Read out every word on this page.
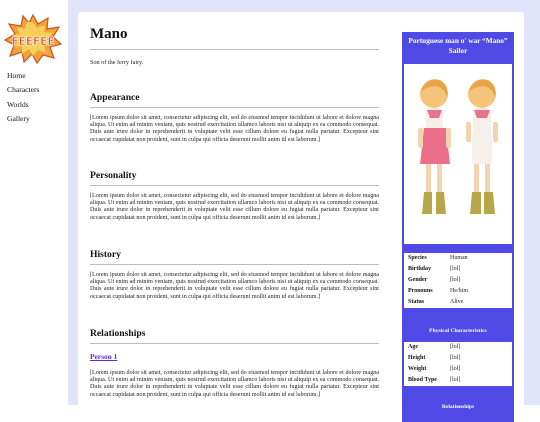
FEEFEE
Home
Characters
Worlds
Gallery
Mano
Son of the ferry fairy.
Appearance

[Lorem ipsum dolor sit amet, consectetur adipiscing elit, sed do eiusmod tempor incididunt ut labore et dolore magna aliqua. Ut enim ad minim veniam, quis nostrud exercitation ullamco laboris nisi ut aliquip ex ea commodo consequat. Duis aute irure dolor in reprehenderit in voluptate velit esse cillum dolore eu fugiat nulla pariatur. Excepteur sint occaecat cupidatat non proident, sunt in culpa qui officia deserunt mollit anim id est laborum.]

Personality

[Lorem ipsum dolor sit amet, consectetur adipiscing elit, sed do eiusmod tempor incididunt ut labore et dolore magna aliqua. Ut enim ad minim veniam, quis nostrud exercitation ullamco laboris nisi ut aliquip ex ea commodo consequat. Duis aute irure dolor in reprehenderit in voluptate velit esse cillum dolore eu fugiat nulla pariatur. Excepteur sint occaecat cupidatat non proident, sunt in culpa qui officia deserunt mollit anim id est laborum.]

History

[Lorem ipsum dolor sit amet, consectetur adipiscing elit, sed do eiusmod tempor incididunt ut labore et dolore magna aliqua. Ut enim ad minim veniam, quis nostrud exercitation ullamco laboris nisi ut aliquip ex ea commodo consequat. Duis aute irure dolor in reprehenderit in voluptate velit esse cillum dolore eu fugiat nulla pariatur. Excepteur sint occaecat cupidatat non proident, sunt in culpa qui officia deserunt mollit anim id est laborum.]

Relationships
Person 1

[Lorem ipsum dolor sit amet, consectetur adipiscing elit, sed do eiusmod tempor incididunt ut labore et dolore magna aliqua. Ut enim ad minim veniam, quis nostrud exercitation ullamco laboris nisi ut aliquip ex ea commodo consequat. Duis aute irure dolor in reprehenderit in voluptate velit esse cillum dolore eu fugiat nulla pariatur. Excepteur sint occaecat cupidatat non proident, sunt in culpa qui officia deserunt mollit anim id est laborum.]

Portuguese man o' war “Mano” Sailor
Profile
Species	Human
Birthday	[lol]
Gender	[lol]
Pronouns	He/him
Status	Alive
Physical Characteristics
Age	[lol]
Height	[lol]
Weight	[lol]
Blood Type	[lol]
Relationships
